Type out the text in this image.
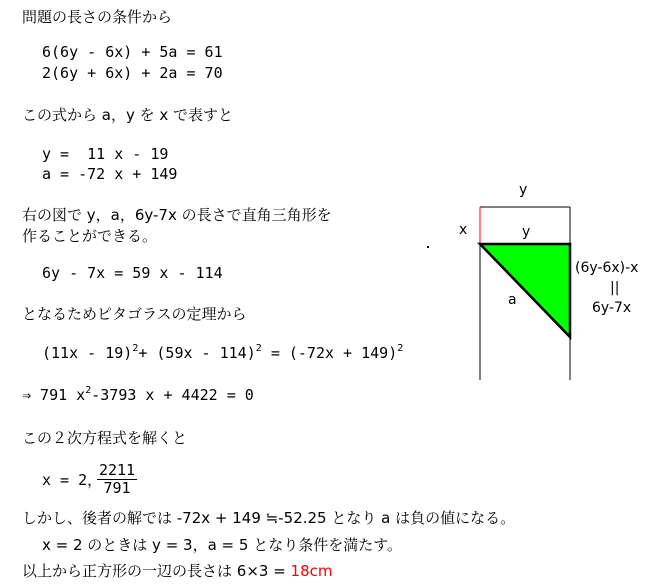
問題の長さの条件から
6(6y - 6x) + 5a = 61
2(6y + 6x) + 2a = 70
この式から a，y を x で表すと
y =  11 x - 19
a = -72 x + 149
右の図で y，a，6y-7x の長さで直角三角形を
作ることができる。
6y - 7x = 59 x - 114
となるためピタゴラスの定理から
$(11x - 19)^2+ (59x - 114)^2 = (-72x + 149)^2$
⇒ 791 $x^2-3793$ x + 4422 = 0
この２次方程式を解くと
x = 2，
$\frac{2211}{791}$
しかし、後者の解では -72x + 149 ≒-52.25 となり a は負の値になる。
x = 2 のときは y = 3，a = 5 となり条件を満たす。
以上から正方形の一辺の長さは 6×3 = 18cm
y
x	y
a
(6y-6x)-x
||
6y-7x
